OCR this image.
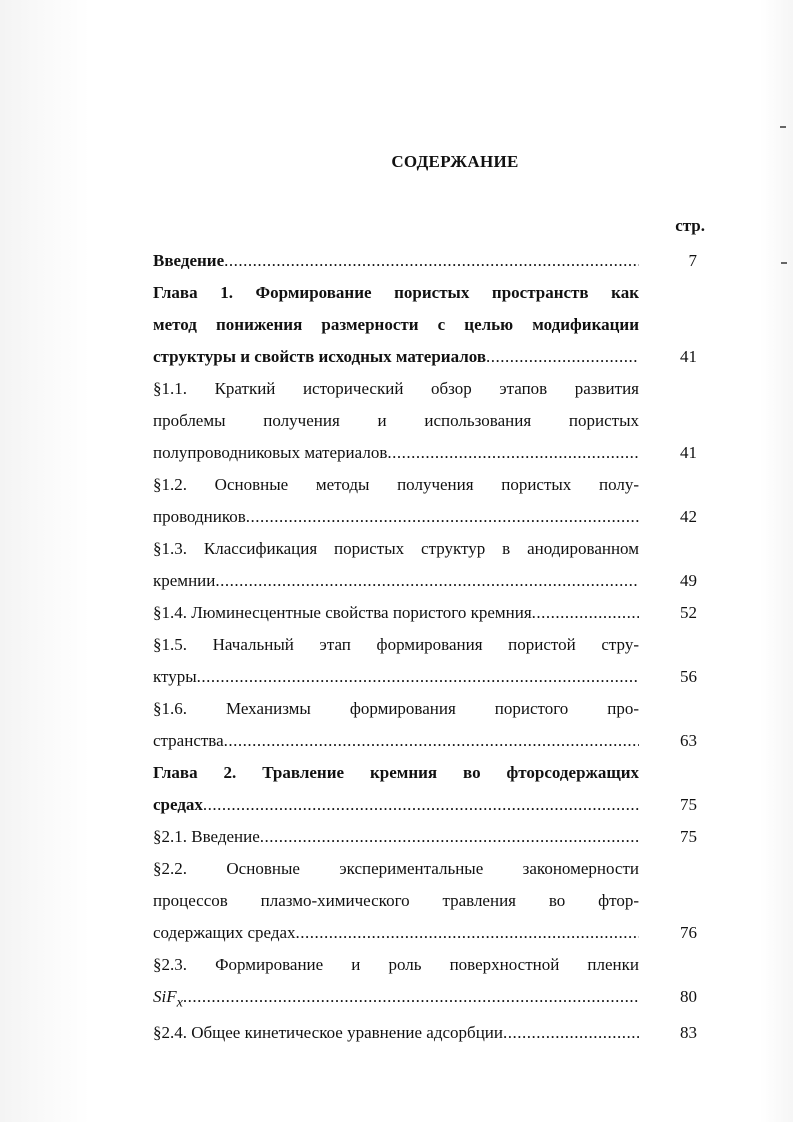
СОДЕРЖАНИЕ
стр.
Введение .....	7
Глава 1. Формирование пористых пространств как
метод понижения размерности с целью модификации
структуры и свойств исходных материалов .....	41
§1.1. Краткий исторический обзор этапов развития
проблемы получения и использования пористых
полупроводниковых материалов .....	41
§1.2. Основные методы получения пористых полу-
проводников .....	42
§1.3. Классификация пористых структур в анодированном
кремнии .....	49
§1.4. Люминесцентные свойства пористого кремния .....	52
§1.5. Начальный этап формирования пористой стру-
ктуры .....	56
§1.6. Механизмы формирования пористого про-
странства .....	63
Глава 2. Травление кремния во фторсодержащих
средах .....	75
§2.1. Введение .....	75
§2.2. Основные экспериментальные закономерности
процессов плазмо-химического травления во фтор-
содержащих средах .....	76
§2.3. Формирование и роль поверхностной пленки
SiF$_x$ .....	80
§2.4. Общее кинетическое уравнение адсорбции .....	83
